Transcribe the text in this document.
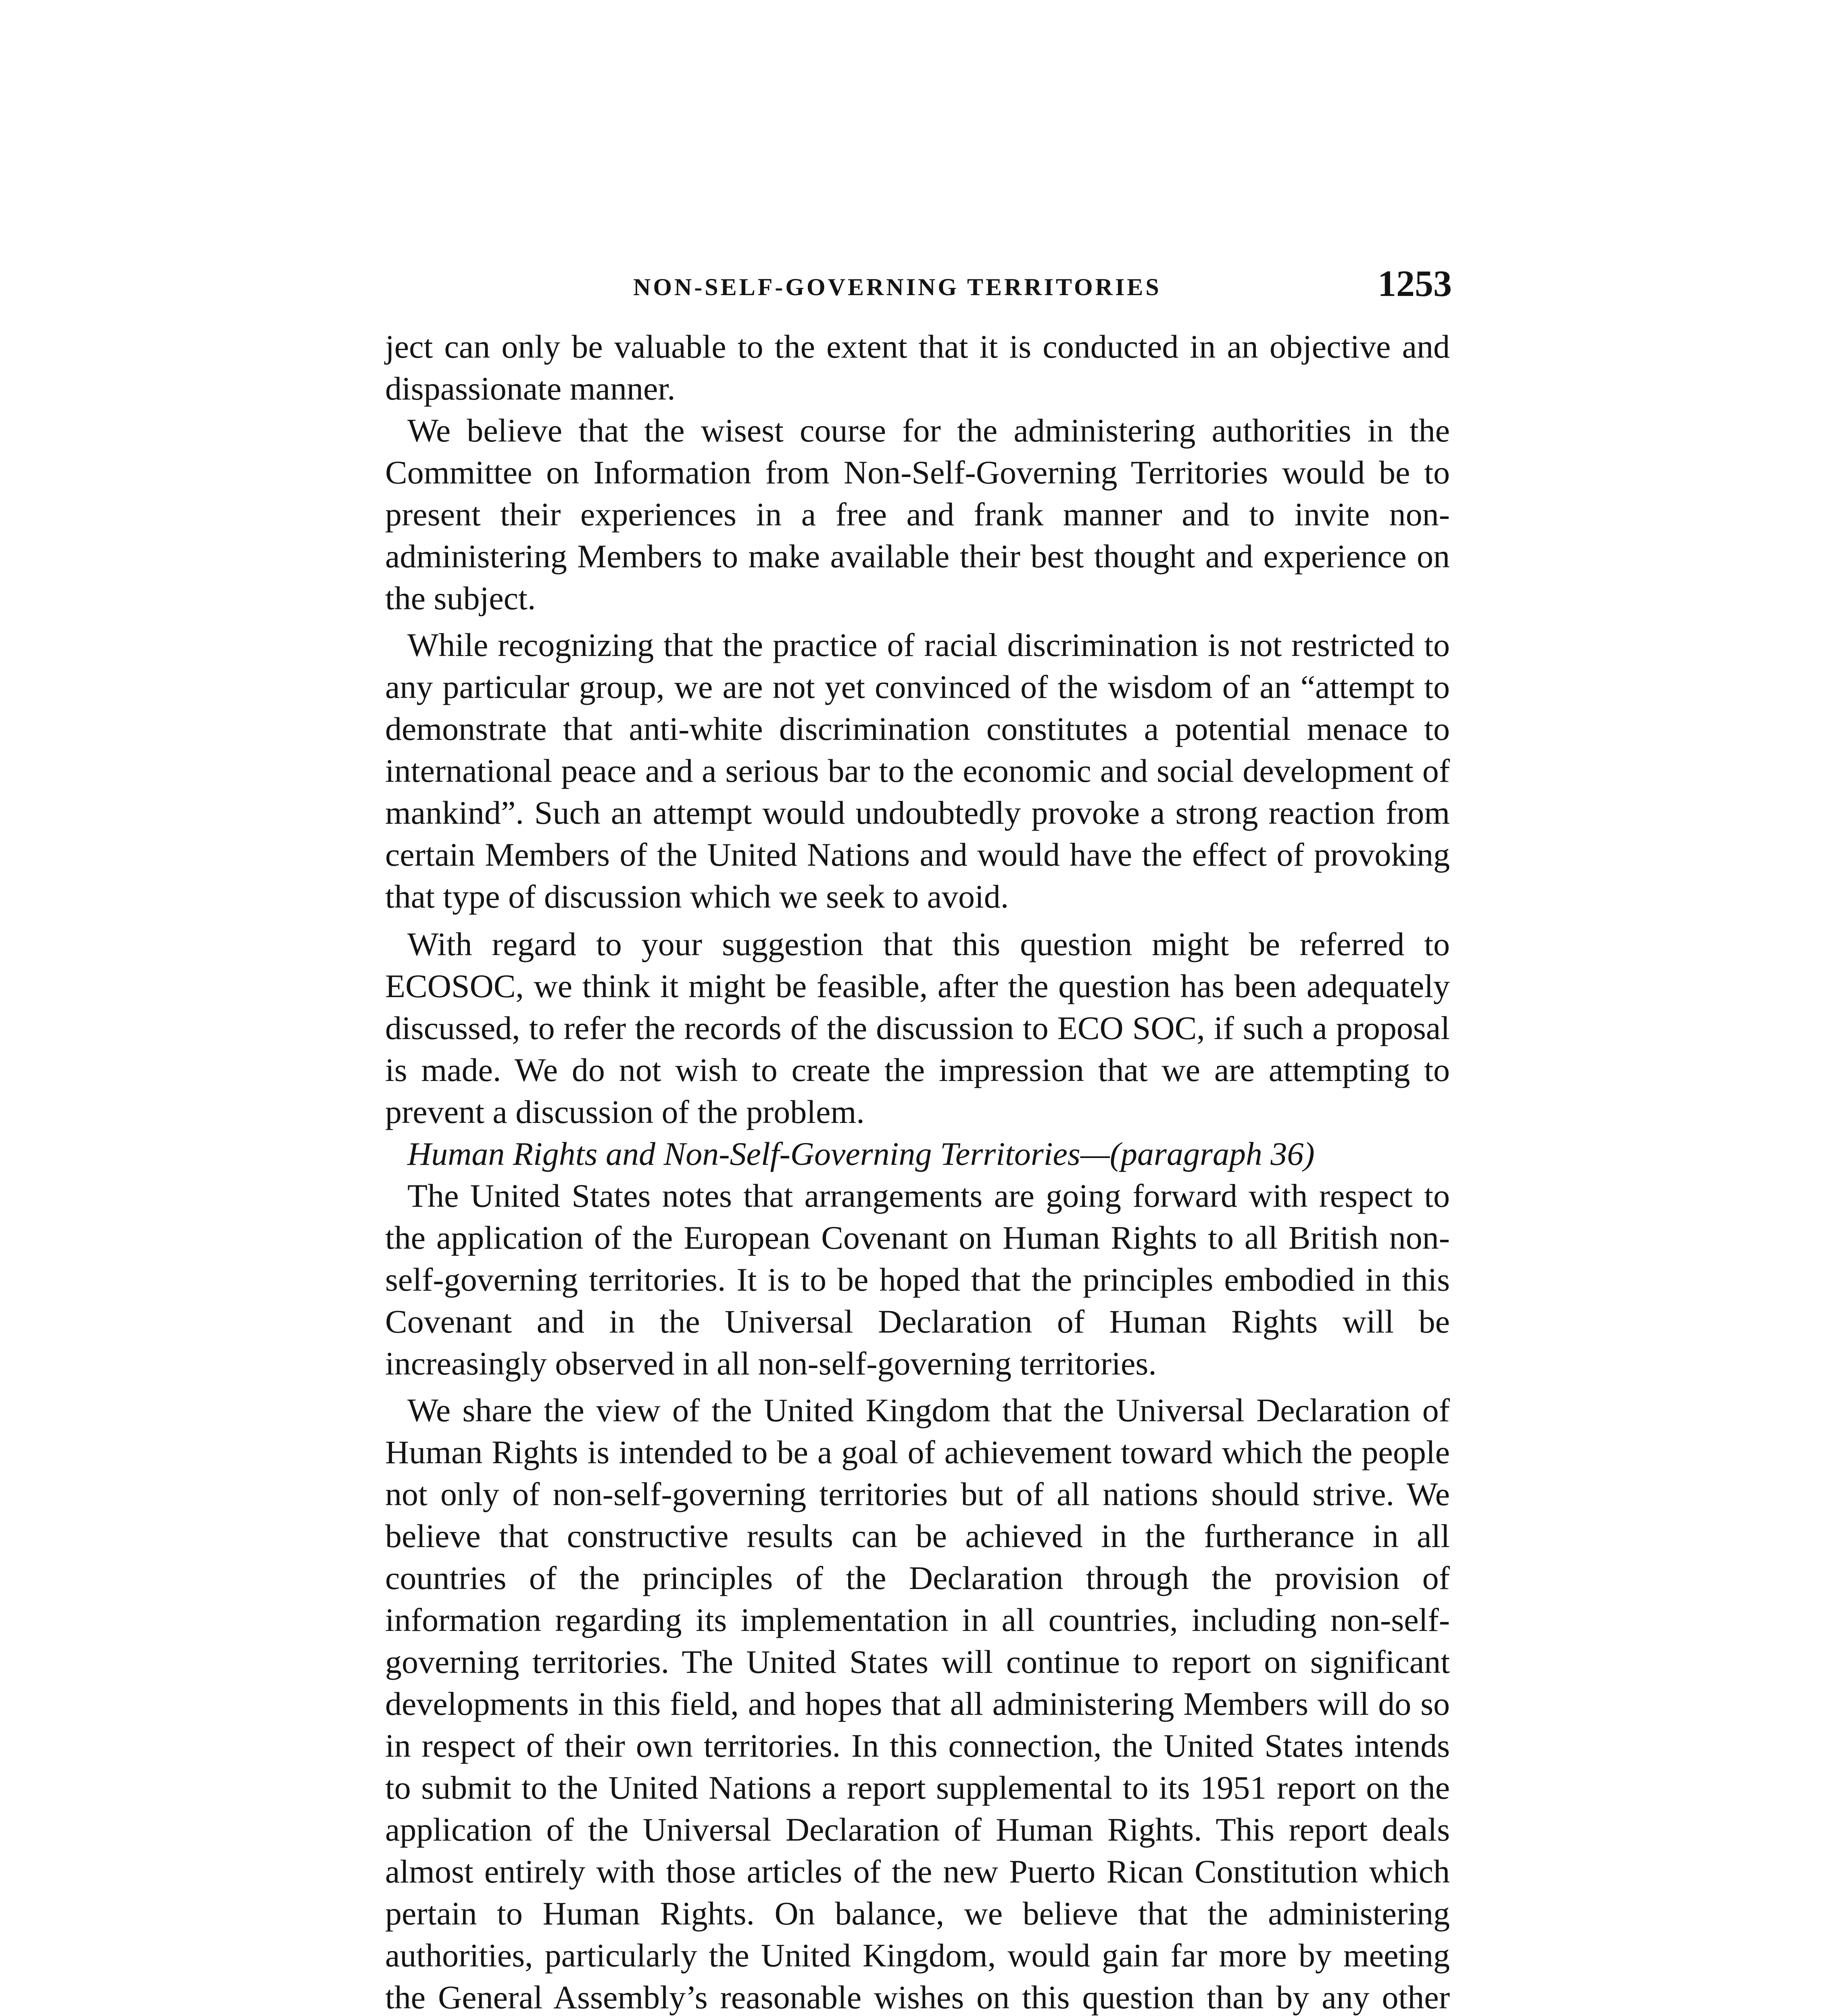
NON-SELF-GOVERNING TERRITORIES	1253

ject can only be valuable to the extent that it is conducted in an objective and dispassionate manner.

We believe that the wisest course for the administering authorities in the Committee on Information from Non-Self-Governing Territories would be to present their experiences in a free and frank manner and to invite non-administering Members to make available their best thought and experience on the subject.

While recognizing that the practice of racial discrimination is not restricted to any particular group, we are not yet convinced of the wisdom of an “attempt to demonstrate that anti-white discrimination constitutes a potential menace to international peace and a serious bar to the economic and social development of mankind”. Such an attempt would undoubtedly provoke a strong reaction from certain Members of the United Nations and would have the effect of provoking that type of discussion which we seek to avoid.

With regard to your suggestion that this question might be referred to ECOSOC, we think it might be feasible, after the question has been adequately discussed, to refer the records of the discussion to ECO SOC, if such a proposal is made. We do not wish to create the impression that we are attempting to prevent a discussion of the problem.

Human Rights and Non-Self-Governing Territories—(paragraph 36)

The United States notes that arrangements are going forward with respect to the application of the European Covenant on Human Rights to all British non-self-governing territories. It is to be hoped that the principles embodied in this Covenant and in the Universal Declaration of Human Rights will be increasingly observed in all non-self-governing territories.

We share the view of the United Kingdom that the Universal Declaration of Human Rights is intended to be a goal of achievement toward which the people not only of non-self-governing territories but of all nations should strive. We believe that constructive results can be achieved in the furtherance in all countries of the principles of the Declaration through the provision of information regarding its implementation in all countries, including non-self-governing territories. The United States will continue to report on significant developments in this field, and hopes that all administering Members will do so in respect of their own territories. In this connection, the United States intends to submit to the United Nations a report supplemental to its 1951 report on the application of the Universal Declaration of Human Rights. This report deals almost entirely with those articles of the new Puerto Rican Constitution which pertain to Human Rights. On balance, we believe that the administering authorities, particularly the United Kingdom, would gain far more by meeting the General Assembly’s reasonable wishes on this question than by any other
